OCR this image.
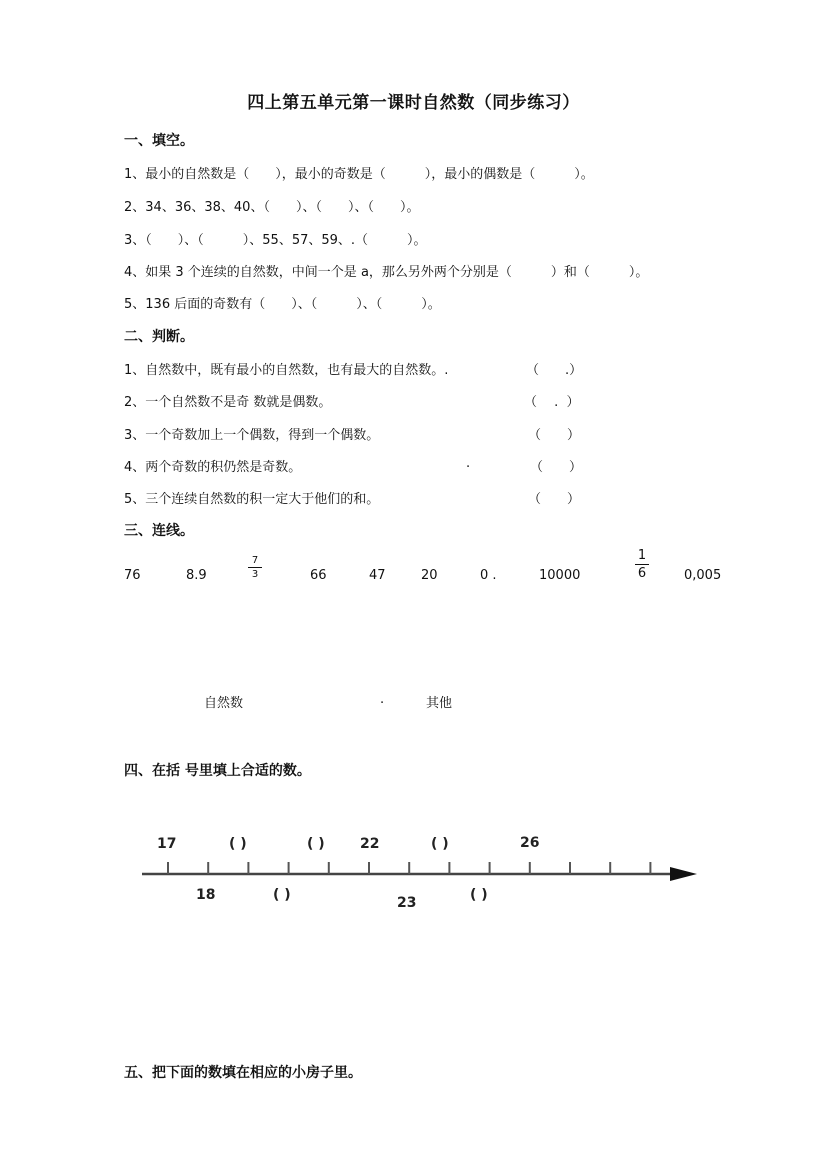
四上第五单元第一课时自然数（同步练习）
一、填空。
1、最小的自然数是（　　），最小的奇数是（　　　），最小的偶数是（　　　）。
2、34、36、38、40、（　　）、（　　）、（　　）。
3、（　　）、（　　　）、55、57、59、.（　　　）。
4、如果 3 个连续的自然数，中间一个是 a，那么另外两个分别是（　　　）和（　　　）。
5、136 后面的奇数有（　　）、（　　　）、（　　　）。
二、判断。
1、自然数中，既有最小的自然数，也有最大的自然数。.	（　　.）
2、一个自然数不是奇 数就是偶数。	（　 .  ）
3、一个奇数加上一个偶数，得到一个偶数。	（　　）
4、两个奇数的积仍然是奇数。	.	（　　）
5、三个连续自然数的积一定大于他们的和。	（　　）
三、连线。
76	8.9
7
3	66	47	20	0 .	10000
1
6	0,005
自然数	.	其他
四、在括 号里填上合适的数。
17	( )	( )	22	( )	26
18	( )	23	( )
五、把下面的数填在相应的小房子里。
